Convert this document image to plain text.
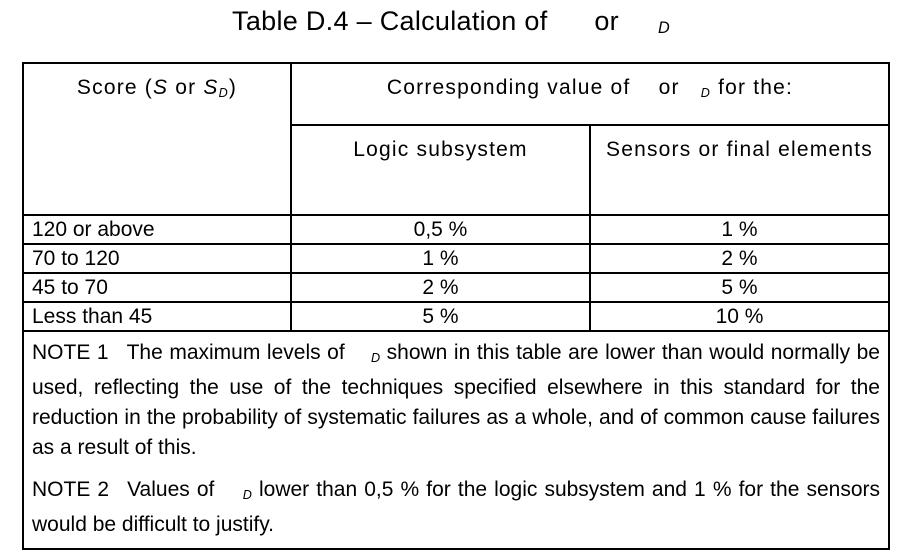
Table D.4 – Calculation of or $_D$
Score (S or $S_D$)	Corresponding value of or $_D$ for the:	
	Logic subsystem	Sensors or final elements
120 or above	0,5 %	1 %
70 to 120	1 %	2 %
45 to 70	2 %	5 %
Less than 45	5 %	10 %

NOTE 1 The maximum levels of $_D$ shown in this table are lower than would normally be used, reflecting the use of the techniques specified elsewhere in this standard for the reduction in the probability of systematic failures as a whole, and of common cause failures as a result of this.

NOTE 2 Values of $_D$ lower than 0,5 % for the logic subsystem and 1 % for the sensors would be difficult to justify.		
